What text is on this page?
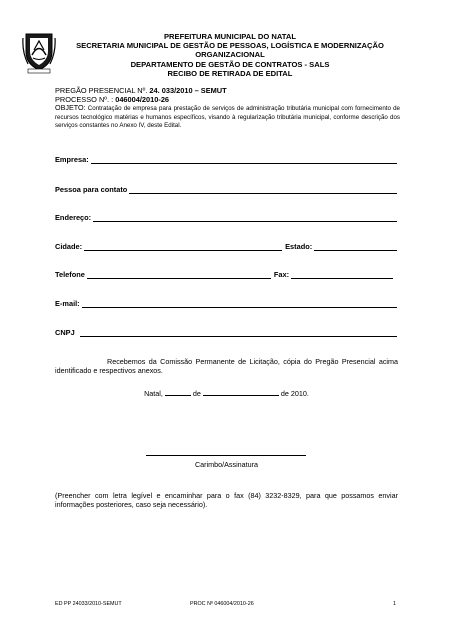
PREFEITURA MUNICIPAL DO NATAL
SECRETARIA MUNICIPAL DE GESTÃO DE PESSOAS, LOGÍSTICA E MODERNIZAÇÃO
ORGANIZACIONAL
DEPARTAMENTO DE GESTÃO DE CONTRATOS - SALS
RECIBO DE RETIRADA DE EDITAL
PREGÃO PRESENCIAL Nº. 24. 033/2010 – SEMUT
PROCESSO Nº. : 046004/2010-26
OBJETO: Contratação de empresa para prestação de serviços de administração tributária municipal com fornecimento de recursos tecnológico matérias e humanos específicos, visando à regularização tributária municipal, conforme descrição dos serviços constantes no Anexo IV, deste Edital.
Empresa:
Pessoa para contato
Endereço:
Cidade:	Estado:
Telefone	Fax:
E-mail:
CNPJ
Recebemos da Comissão Permanente de Licitação, cópia do Pregão Presencial acima identificado e respectivos anexos.
Natal,	de	de 2010.
Carimbo/Assinatura
(Preencher com letra legível e encaminhar para o fax (84) 3232-8329, para que possamos enviar informações posteriores, caso seja necessário).
ED PP 24033/2010-SEMUT	PROC Nº 046004/2010-26	1
